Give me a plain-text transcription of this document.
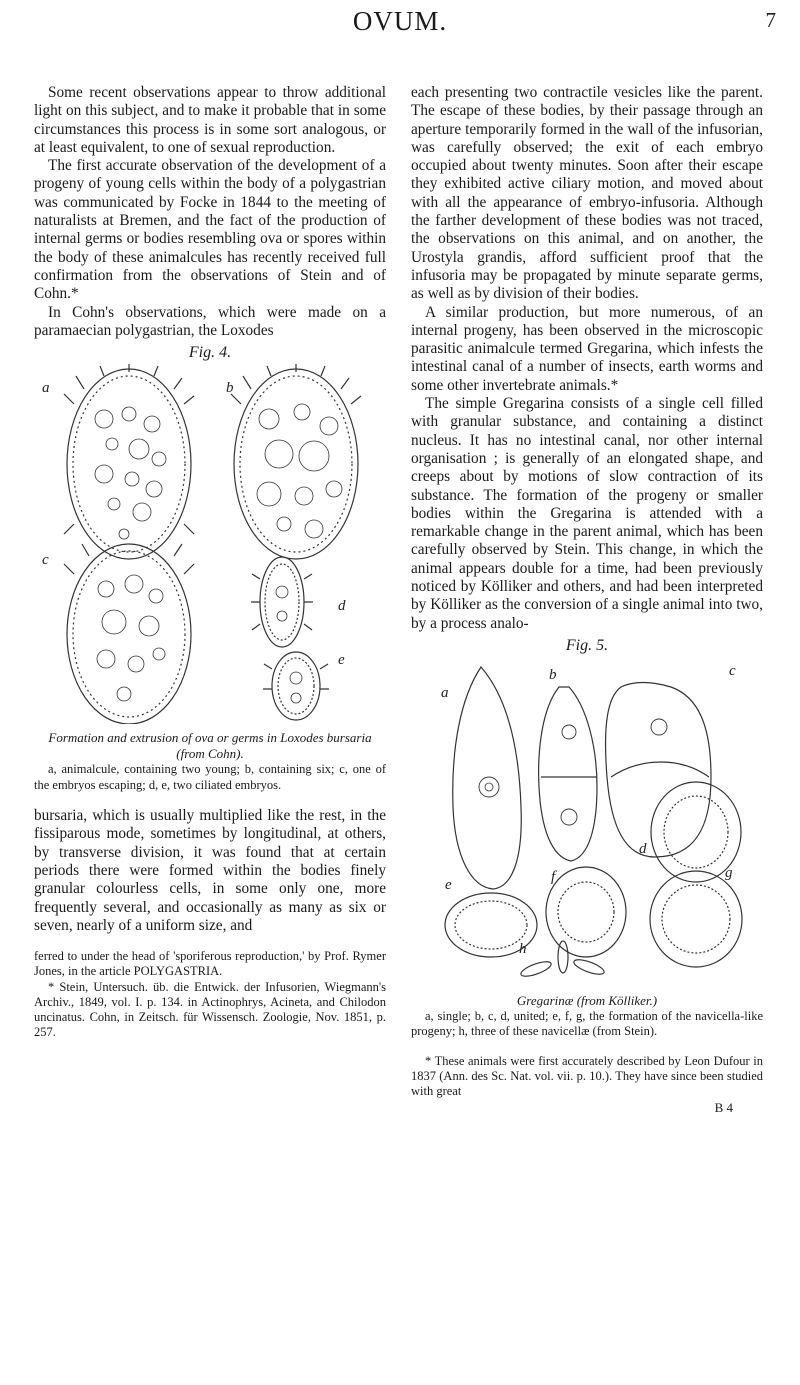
OVUM.	7

Some recent observations appear to throw additional light on this subject, and to make it probable that in some circumstances this process is in some sort analogous, or at least equivalent, to one of sexual reproduction.

The first accurate observation of the development of a progeny of young cells within the body of a polygastrian was communicated by Focke in 1844 to the meeting of naturalists at Bremen, and the fact of the production of internal germs or bodies resembling ova or spores within the body of these animalcules has recently received full confirmation from the observations of Stein and of Cohn.*

In Cohn's observations, which were made on a paramaecian polygastrian, the Loxodes

Fig. 4.
a	b
c
d
e
Formation and extrusion of ova or germs in Loxodes bursaria (from Cohn).
a, animalcule, containing two young; b, containing six; c, one of the embryos escaping; d, e, two ciliated embryos.

bursaria, which is usually multiplied like the rest, in the fissiparous mode, sometimes by longitudinal, at others, by transverse division, it was found that at certain periods there were formed within the bodies finely granular colourless cells, in some only one, more frequently several, and occasionally as many as six or seven, nearly of a uniform size, and

ferred to under the head of 'sporiferous reproduction,' by Prof. Rymer Jones, in the article POLYGASTRIA.
* Stein, Untersuch. üb. die Entwick. der Infusorien, Wiegmann's Archiv., 1849, vol. I. p. 134. in Actinophrys, Acineta, and Chilodon uncinatus. Cohn, in Zeitsch. für Wissensch. Zoologie, Nov. 1851, p. 257.

each presenting two contractile vesicles like the parent. The escape of these bodies, by their passage through an aperture temporarily formed in the wall of the infusorian, was carefully observed; the exit of each embryo occupied about twenty minutes. Soon after their escape they exhibited active ciliary motion, and moved about with all the appearance of embryo-infusoria. Although the farther development of these bodies was not traced, the observations on this animal, and on another, the Urostyla grandis, afford sufficient proof that the infusoria may be propagated by minute separate germs, as well as by division of their bodies.

A similar production, but more numerous, of an internal progeny, has been observed in the microscopic parasitic animalcule termed Gregarina, which infests the intestinal canal of a number of insects, earth worms and some other invertebrate animals.*

The simple Gregarina consists of a single cell filled with granular substance, and containing a distinct nucleus. It has no intestinal canal, nor other internal organisation ; is generally of an elongated shape, and creeps about by motions of slow contraction of its substance. The formation of the progeny or smaller bodies within the Gregarina is attended with a remarkable change in the parent animal, which has been carefully observed by Stein. This change, in which the animal appears double for a time, had been previously noticed by Kölliker and others, and had been interpreted by Kölliker as the conversion of a single animal into two, by a process analo-

Fig. 5.
a
b	c
d
f
e
g
h
Gregarinæ (from Kölliker.)
a, single; b, c, d, united; e, f, g, the formation of the navicella-like progeny; h, three of these navicellæ (from Stein).
* These animals were first accurately described by Leon Dufour in 1837 (Ann. des Sc. Nat. vol. vii. p. 10.). They have since been studied with great
B 4
